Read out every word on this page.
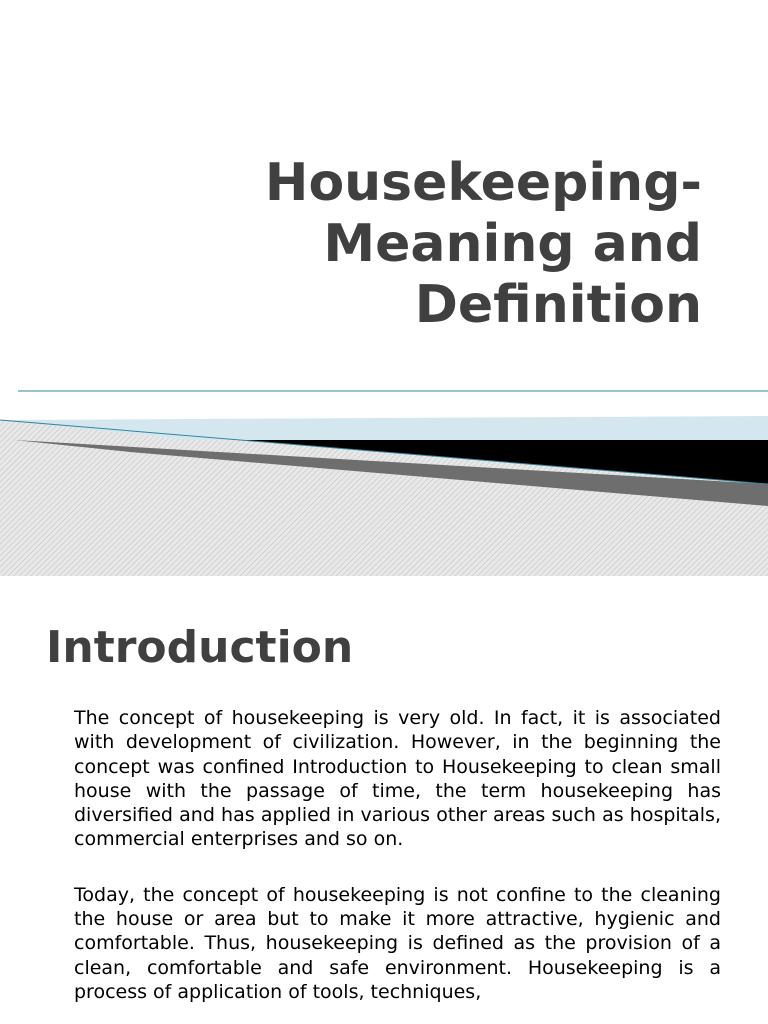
Housekeeping-
Meaning and
Definition
Introduction

The concept of housekeeping is very old. In fact, it is associated with development of civilization. However, in the beginning the concept was confined Introduction to Housekeeping to clean small house with the passage of time, the term housekeeping has diversified and has applied in various other areas such as hospitals, commercial enterprises and so on.

Today, the concept of housekeeping is not confine to the cleaning the house or area but to make it more attractive, hygienic and comfortable. Thus, housekeeping is defined as the provision of a clean, comfortable and safe environment. Housekeeping is a process of application of tools, techniques,
